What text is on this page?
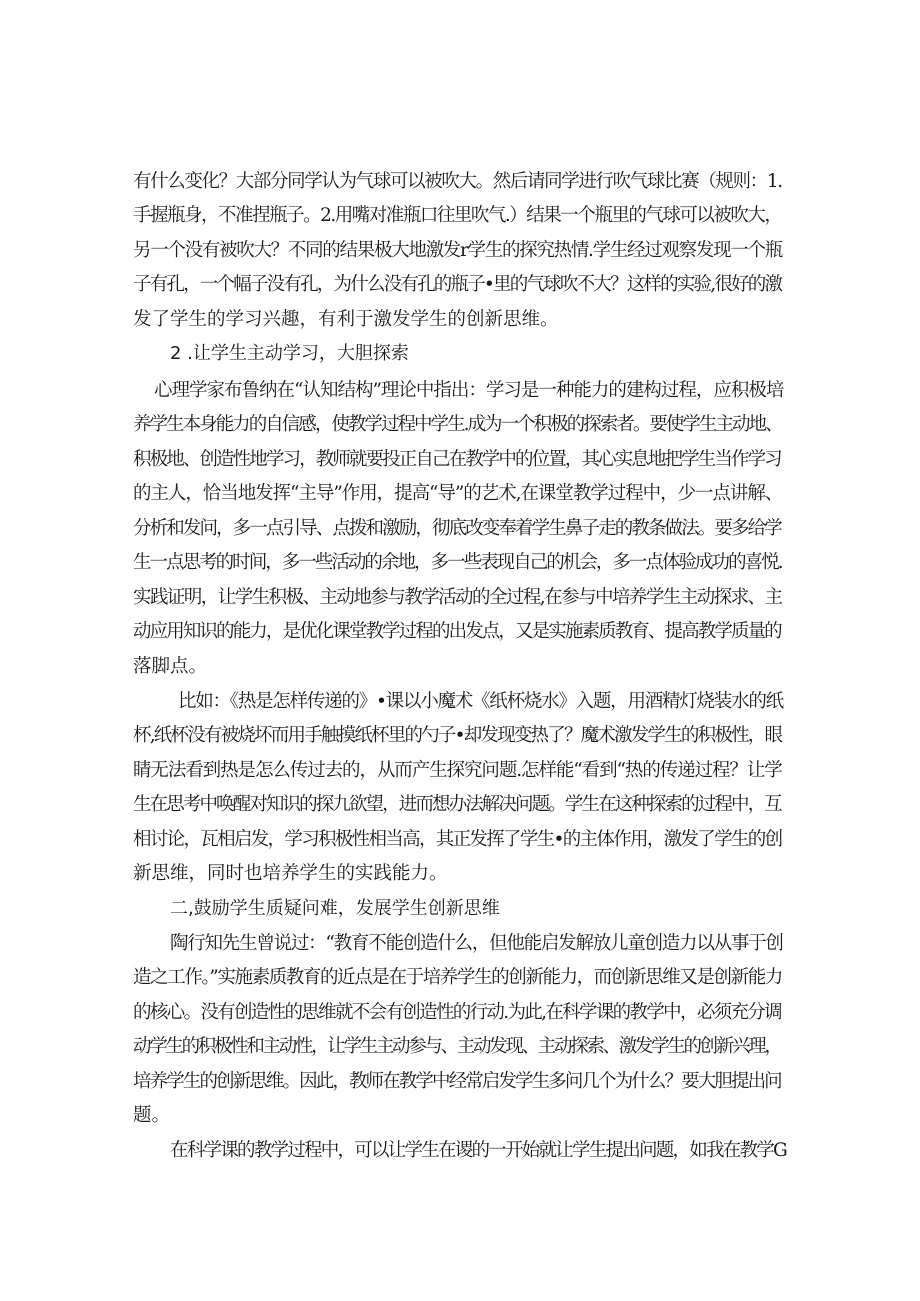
有什么变化？大部分同学认为气球可以被吹大。然后请同学进行吹气球比赛（规则：1.

手握瓶身，不准捏瓶子。2.用嘴对准瓶口往里吹气.）结果一个瓶里的气球可以被吹大，

另一个没有被吹大？不同的结果极大地激发r学生的探究热情.学生经过观察发现一个瓶

子有孔，一个幅子没有孔，为什么没有孔的瓶子•里的气球吹不大？这样的实验,很好的激

发了学生的学习兴趣，有利于激发学生的创新思维。

2 .让学生主动学习，大胆探索

心理学家布鲁纳在“认知结构”理论中指出：学习是一种能力的建构过程，应积极培

养学生本身能力的自信感，使教学过程中学生.成为一个积极的探索者。要使学生主动地、

积极地、创造性地学习，教师就要投正自己在教学中的位置，其心实息地把学生当作学习

的主人，恰当地发挥“主导”作用，提高“导”的艺术,在课堂教学过程中，少一点讲解、

分析和发问，多一点引导、点拨和激励，彻底改变奉着学生鼻子走的教条做法。要多给学

生一点思考的时间，多一些活动的余地，多一些表现自己的机会，多一点体验成功的喜悦.

实践证明，让学生积极、主动地参与教学活动的全过程,在参与中培养学生主动探求、主

动应用知识的能力，是优化课堂教学过程的出发点，又是实施素质教育、提高教学质量的

落脚点。

比如：《热是怎样传递的》•课以小魔术《纸杯烧水》入题，用酒精灯烧装水的纸

杯,纸杯没有被烧坏而用手触摸纸杯里的勺子•却发现变热了？魔术激发学生的积极性，眼

睛无法看到热是怎么传过去的，从而产生探究问题.怎样能“看到“热的传递过程？让学

生在思考中唤醒对知识的探九欲望，进而想办法解决问题。学生在这种探索的过程中，互

相讨论，瓦相启发，学习积极性相当高，其正发挥了学生•的主体作用，激发了学生的创

新思维，同时也培养学生的实践能力。

二,鼓励学生质疑问难，发展学生创新思维

陶行知先生曾说过：“教育不能创造什么，但他能启发解放儿童创造力以从事于创

造之工作。”实施素质教育的近点是在于培养学生的创新能力，而创新思维又是创新能力

的核心。没有创造性的思维就不会有创造性的行动.为此,在科学课的教学中，必须充分调

动学生的积极性和主动性，让学生主动参与、主动发现、主动探索、激发学生的创新兴理，

培养学生的创新思维。因此，教师在教学中经常启发学生多问几个为什么？要大胆提出问

题。

在科学课的教学过程中，可以让学生在谡的一开始就让学生提出问题，如我在教学G
